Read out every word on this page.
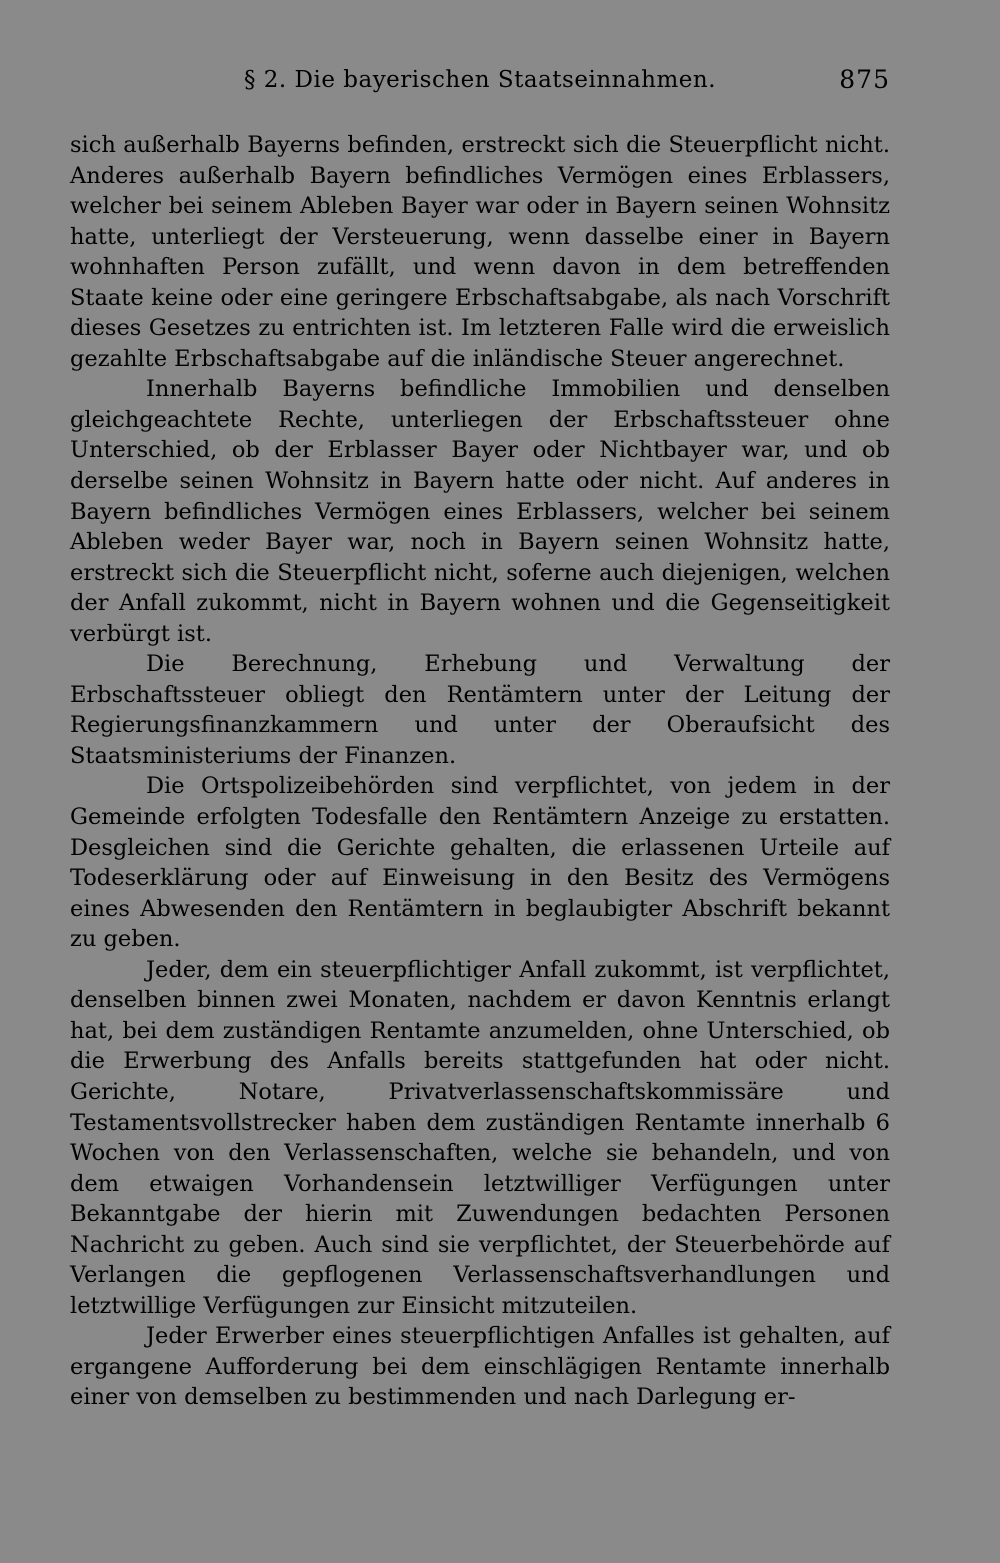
§ 2. Die bayerischen Staatseinnahmen.	875

sich außerhalb Bayerns befinden, erstreckt sich die Steuerpflicht nicht. Anderes außerhalb Bayern befindliches Vermögen eines Erblassers, welcher bei seinem Ableben Bayer war oder in Bayern seinen Wohnsitz hatte, unterliegt der Versteuerung, wenn dasselbe einer in Bayern wohnhaften Person zufällt, und wenn davon in dem betreffenden Staate keine oder eine geringere Erbschaftsabgabe, als nach Vorschrift dieses Gesetzes zu entrichten ist. Im letzteren Falle wird die erweislich gezahlte Erbschaftsabgabe auf die inländische Steuer angerechnet.

Innerhalb Bayerns befindliche Immobilien und denselben gleichgeachtete Rechte, unterliegen der Erbschaftssteuer ohne Unterschied, ob der Erblasser Bayer oder Nichtbayer war, und ob derselbe seinen Wohnsitz in Bayern hatte oder nicht. Auf anderes in Bayern befindliches Vermögen eines Erblassers, welcher bei seinem Ableben weder Bayer war, noch in Bayern seinen Wohnsitz hatte, erstreckt sich die Steuerpflicht nicht, soferne auch diejenigen, welchen der Anfall zukommt, nicht in Bayern wohnen und die Gegenseitigkeit verbürgt ist.

Die Berechnung, Erhebung und Verwaltung der Erbschaftssteuer obliegt den Rentämtern unter der Leitung der Regierungsfinanzkammern und unter der Oberaufsicht des Staatsministeriums der Finanzen.

Die Ortspolizeibehörden sind verpflichtet, von jedem in der Gemeinde erfolgten Todesfalle den Rentämtern Anzeige zu erstatten. Desgleichen sind die Gerichte gehalten, die erlassenen Urteile auf Todeserklärung oder auf Einweisung in den Besitz des Vermögens eines Abwesenden den Rentämtern in beglaubigter Abschrift bekannt zu geben.

Jeder, dem ein steuerpflichtiger Anfall zukommt, ist verpflichtet, denselben binnen zwei Monaten, nachdem er davon Kenntnis erlangt hat, bei dem zuständigen Rentamte anzumelden, ohne Unterschied, ob die Erwerbung des Anfalls bereits stattgefunden hat oder nicht. Gerichte, Notare, Privatverlassenschaftskommissäre und Testamentsvollstrecker haben dem zuständigen Rentamte innerhalb 6 Wochen von den Verlassenschaften, welche sie behandeln, und von dem etwaigen Vorhandensein letztwilliger Verfügungen unter Bekanntgabe der hierin mit Zuwendungen bedachten Personen Nachricht zu geben. Auch sind sie verpflichtet, der Steuerbehörde auf Verlangen die gepflogenen Verlassenschaftsverhandlungen und letztwillige Verfügungen zur Einsicht mitzuteilen.

Jeder Erwerber eines steuerpflichtigen Anfalles ist gehalten, auf ergangene Aufforderung bei dem einschlägigen Rentamte innerhalb einer von demselben zu bestimmenden und nach Darlegung er-
